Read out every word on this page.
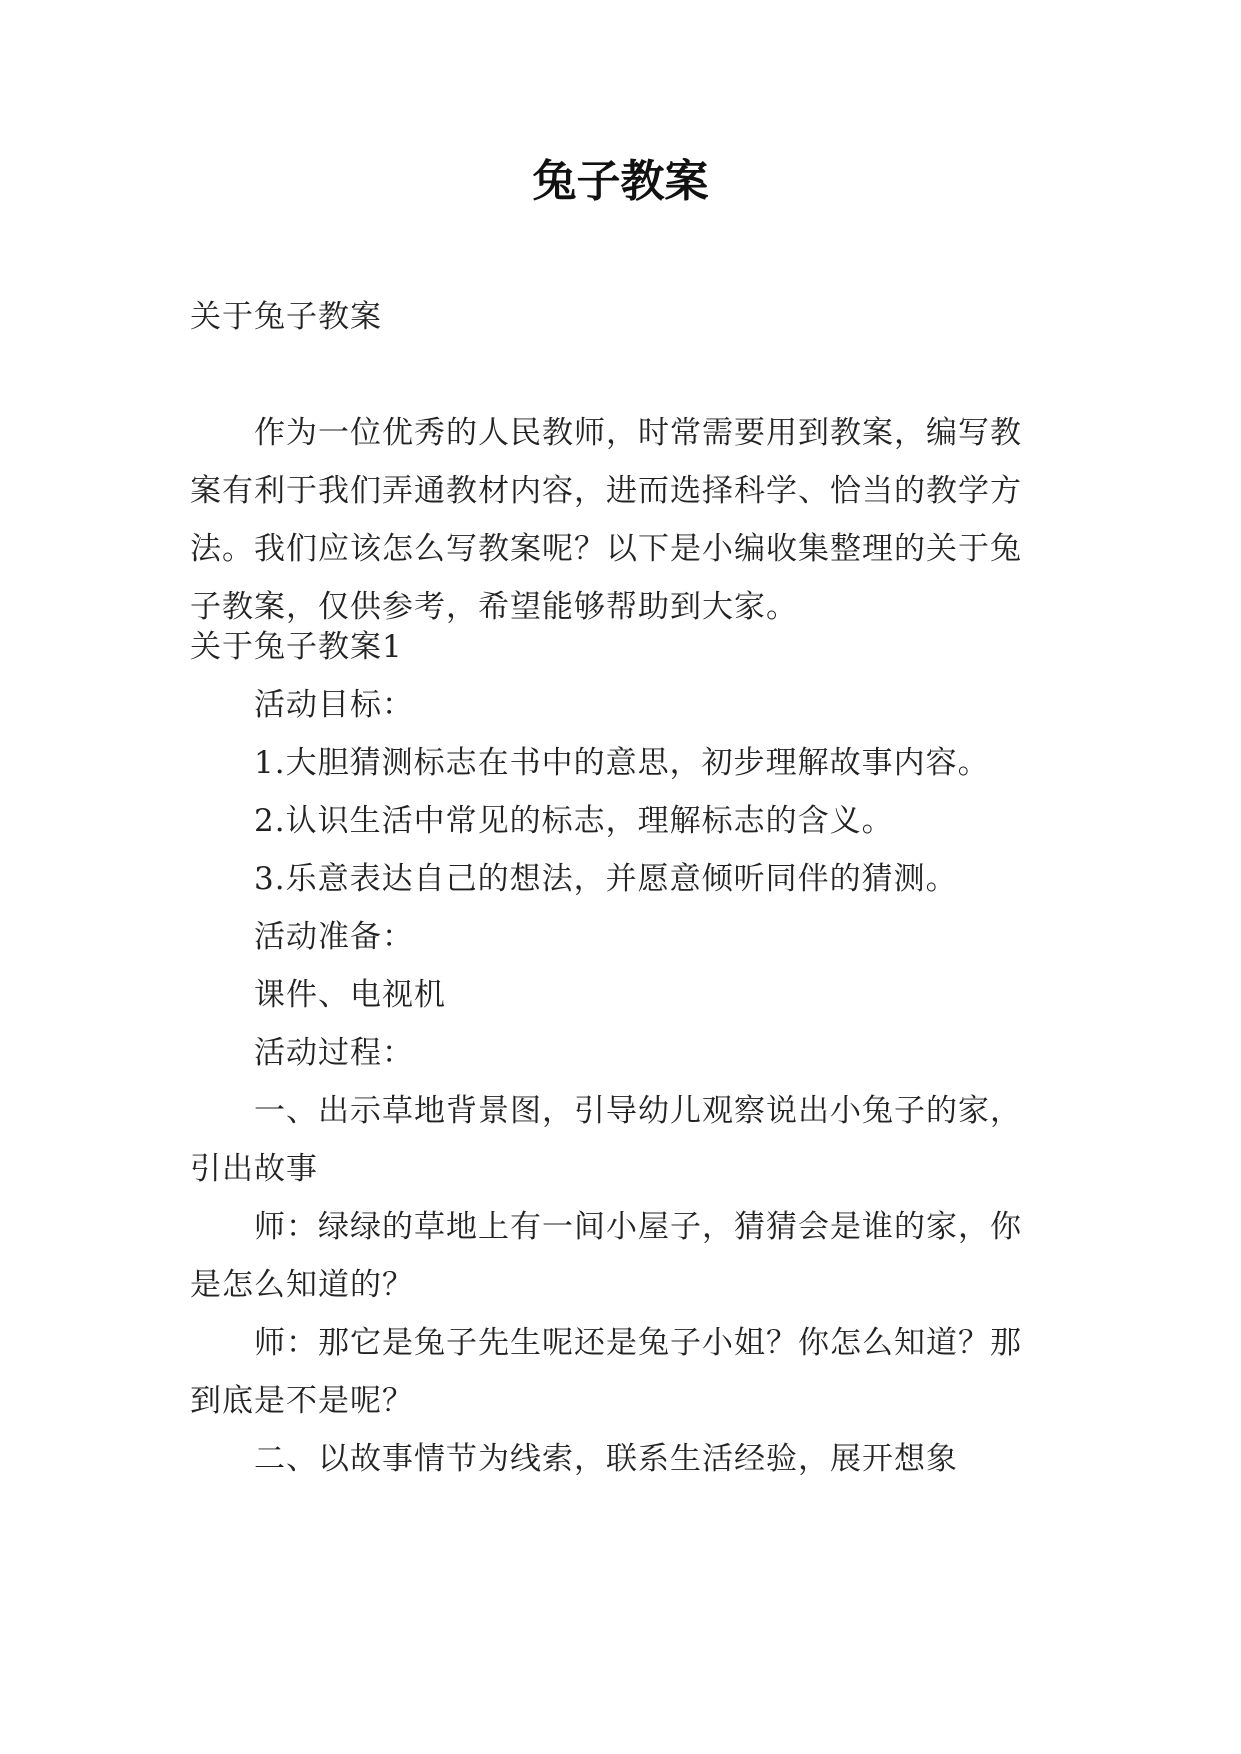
兔子教案

关于兔子教案

作为一位优秀的人民教师，时常需要用到教案，编写教案有利于我们弄通教材内容，进而选择科学、恰当的教学方法。我们应该怎么写教案呢？以下是小编收集整理的关于兔子教案，仅供参考，希望能够帮助到大家。

关于兔子教案1

活动目标：

1.大胆猜测标志在书中的意思，初步理解故事内容。

2.认识生活中常见的标志，理解标志的含义。

3.乐意表达自己的想法，并愿意倾听同伴的猜测。

活动准备：

课件、电视机

活动过程：

一、出示草地背景图，引导幼儿观察说出小兔子的家，引出故事

师：绿绿的草地上有一间小屋子，猜猜会是谁的家，你是怎么知道的？

师：那它是兔子先生呢还是兔子小姐？你怎么知道？那到底是不是呢？

二、以故事情节为线索，联系生活经验，展开想象
